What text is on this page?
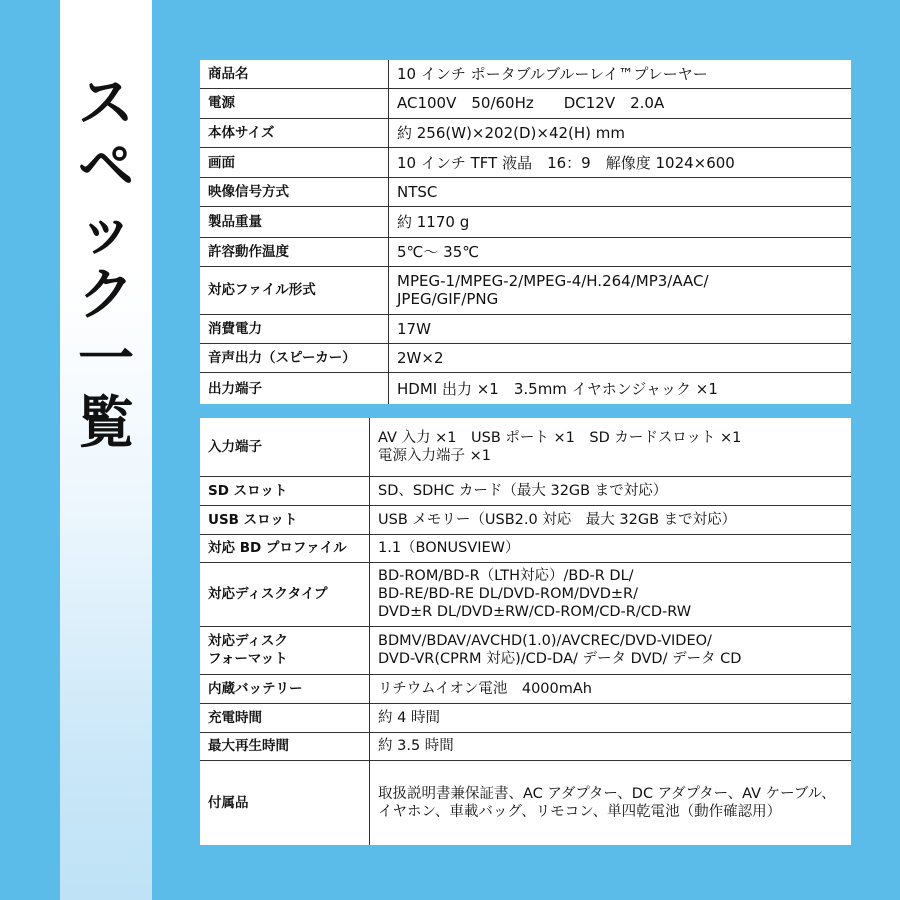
ス
ペ
ッ
ク
一
覧
商品名	10 インチ ポータブルブルーレイ™プレーヤー
電源	AC100V　50/60Hz　　DC12V　2.0A
本体サイズ	約 256(W)×202(D)×42(H) mm
画面	10 インチ TFT 液晶　16：9　解像度 1024×600
映像信号方式	NTSC
製品重量	約 1170 g
許容動作温度	5℃～ 35℃
対応ファイル形式	MPEG-1/MPEG-2/MPEG-4/H.264/MP3/AAC/
JPEG/GIF/PNG
消費電力	17W
音声出力（スピーカー）	2W×2
出力端子	HDMI 出力 ×1　3.5mm イヤホンジャック ×1
入力端子	AV 入力 ×1　USB ポート ×1　SD カードスロット ×1
電源入力端子 ×1
SD スロット	SD、SDHC カード（最大 32GB まで対応）
USB スロット	USB メモリー（USB2.0 対応　最大 32GB まで対応）
対応 BD プロファイル	1.1（BONUSVIEW）
対応ディスクタイプ	BD-ROM/BD-R（LTH対応）/BD-R DL/
BD-RE/BD-RE DL/DVD-ROM/DVD±R/
DVD±R DL/DVD±RW/CD-ROM/CD-R/CD-RW
対応ディスク
フォーマット	BDMV/BDAV/AVCHD(1.0)/AVCREC/DVD-VIDEO/
DVD-VR(CPRM 対応)/CD-DA/ データ DVD/ データ CD
内蔵バッテリー	リチウムイオン電池　4000mAh
充電時間	約 4 時間
最大再生時間	約 3.5 時間
付属品	取扱説明書兼保証書、AC アダプター、DC アダプター、AV ケーブル、イヤホン、車載バッグ、リモコン、単四乾電池（動作確認用）
